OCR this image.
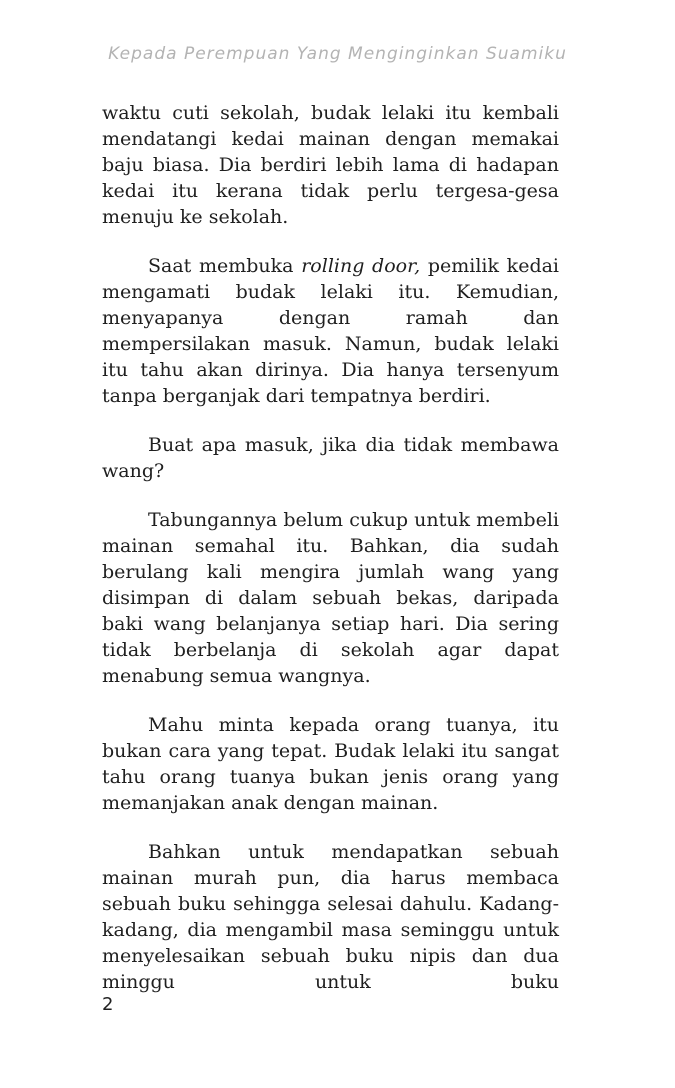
Kepada Perempuan Yang Menginginkan Suamiku

waktu cuti sekolah, budak lelaki itu kembali mendatangi kedai mainan dengan memakai baju biasa. Dia berdiri lebih lama di hadapan kedai itu kerana tidak perlu tergesa-gesa menuju ke sekolah.

Saat membuka rolling door, pemilik kedai mengamati budak lelaki itu. Kemudian, menyapanya dengan ramah dan mempersilakan masuk. Namun, budak lelaki itu tahu akan dirinya. Dia hanya tersenyum tanpa berganjak dari tempatnya berdiri.

Buat apa masuk, jika dia tidak membawa wang?

Tabungannya belum cukup untuk membeli mainan semahal itu. Bahkan, dia sudah berulang kali mengira jumlah wang yang disimpan di dalam sebuah bekas, daripada baki wang belanjanya setiap hari. Dia sering tidak berbelanja di sekolah agar dapat menabung semua wangnya.

Mahu minta kepada orang tuanya, itu bukan cara yang tepat. Budak lelaki itu sangat tahu orang tuanya bukan jenis orang yang memanjakan anak dengan mainan.

Bahkan untuk mendapatkan sebuah mainan murah pun, dia harus membaca sebuah buku sehingga selesai dahulu. Kadang-kadang, dia mengambil masa seminggu untuk menyelesaikan sebuah buku nipis dan dua minggu untuk buku

2
